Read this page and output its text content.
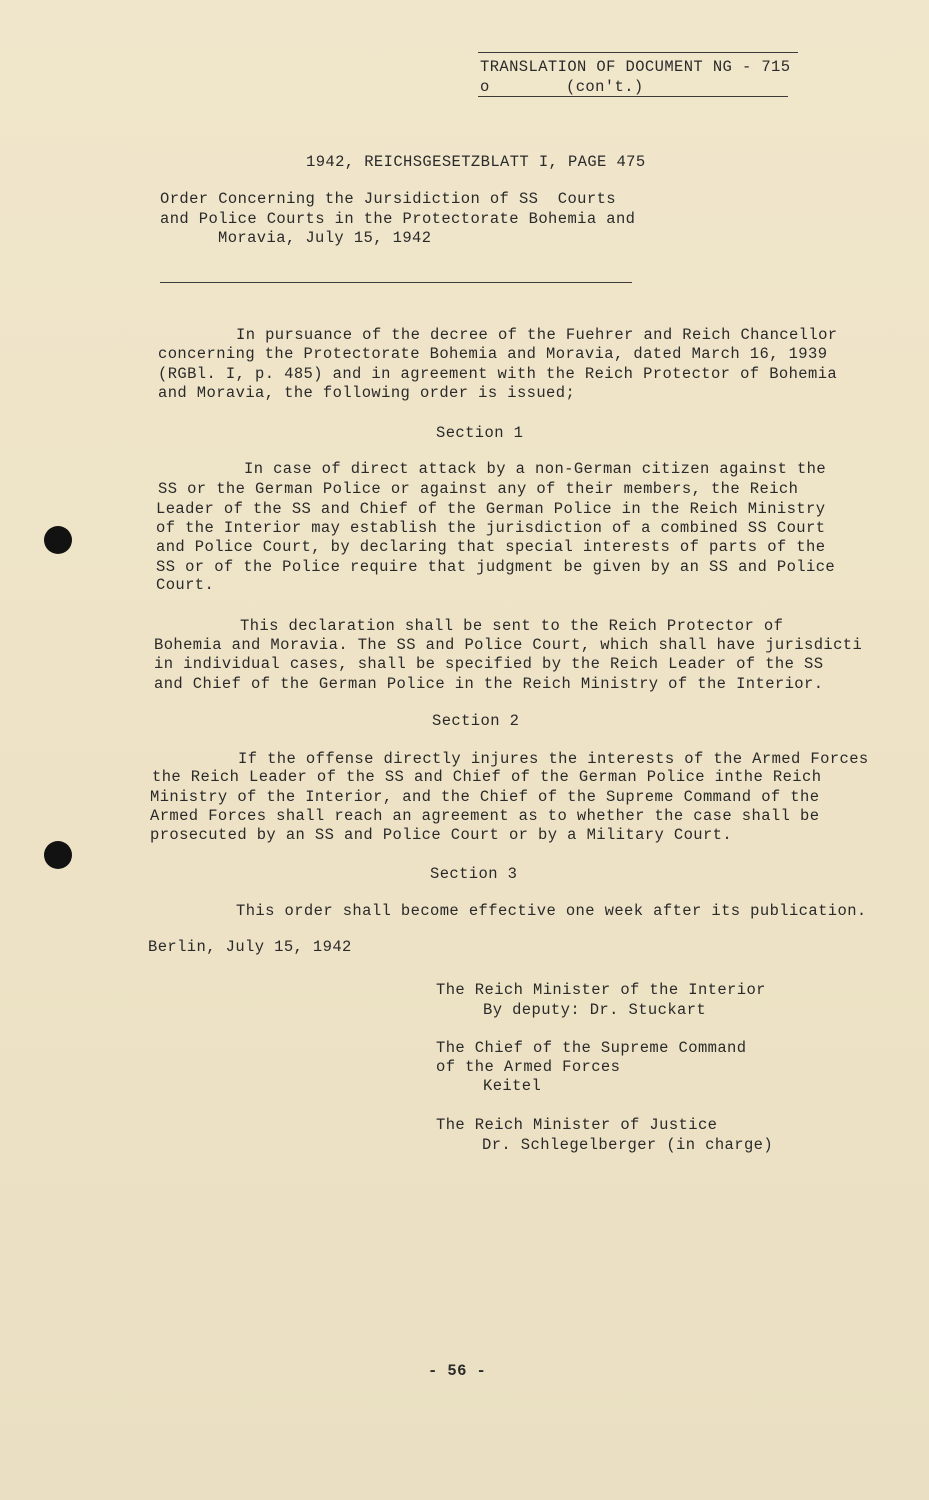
TRANSLATION OF DOCUMENT NG - 715
o	(con't.)
1942, REICHSGESETZBLATT I, PAGE 475
Order Concerning the Jursidiction of SS  Courts
and Police Courts in the Protectorate Bohemia and
Moravia, July 15, 1942
In pursuance of the decree of the Fuehrer and Reich Chancellor
concerning the Protectorate Bohemia and Moravia, dated March 16, 1939
(RGBl. I, p. 485) and in agreement with the Reich Protector of Bohemia
and Moravia, the following order is issued;
Section 1
In case of direct attack by a non-German citizen against the
SS or the German Police or against any of their members, the Reich
Leader of the SS and Chief of the German Police in the Reich Ministry
of the Interior may establish the jurisdiction of a combined SS Court
and Police Court, by declaring that special interests of parts of the
SS or of the Police require that judgment be given by an SS and Police
Court.
This declaration shall be sent to the Reich Protector of
Bohemia and Moravia. The SS and Police Court, which shall have jurisdicti
in individual cases, shall be specified by the Reich Leader of the SS
and Chief of the German Police in the Reich Ministry of the Interior.
Section 2
If the offense directly injures the interests of the Armed Forces
the Reich Leader of the SS and Chief of the German Police inthe Reich
Ministry of the Interior, and the Chief of the Supreme Command of the
Armed Forces shall reach an agreement as to whether the case shall be
prosecuted by an SS and Police Court or by a Military Court.
Section 3
This order shall become effective one week after its publication.
Berlin, July 15, 1942
The Reich Minister of the Interior
By deputy: Dr. Stuckart
The Chief of the Supreme Command
of the Armed Forces
Keitel
The Reich Minister of Justice
Dr. Schlegelberger (in charge)
- 56 -
